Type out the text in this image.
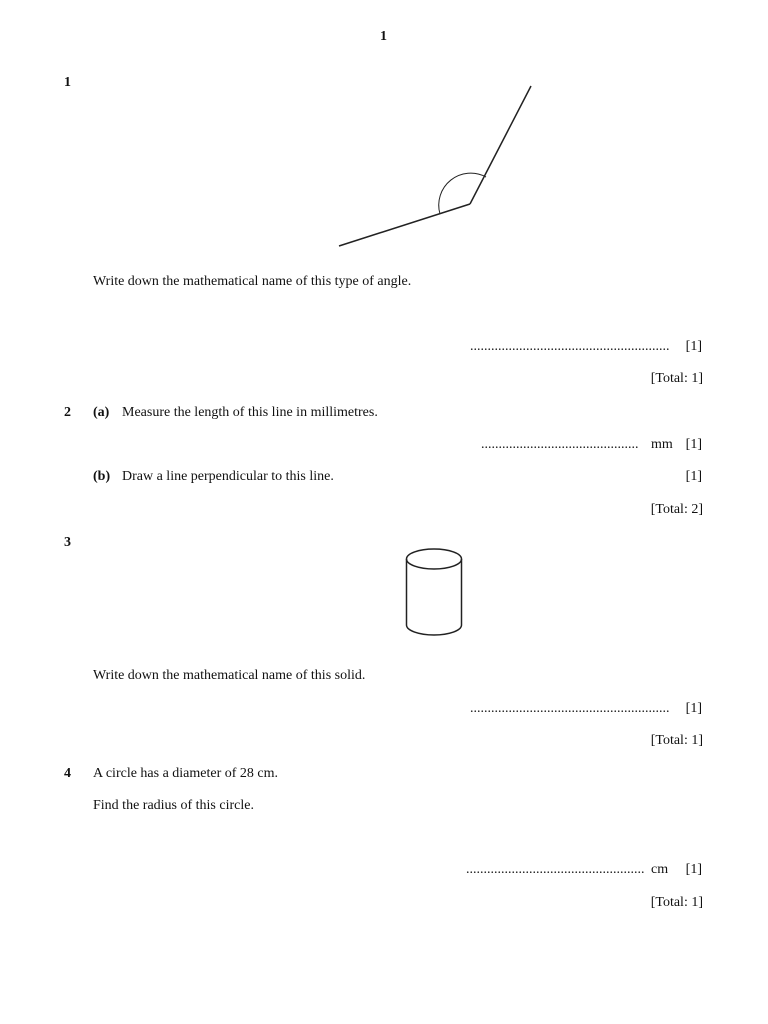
1
1
Write down the mathematical name of this type of angle.
......................................................... [1]
[Total: 1]
2 (a) Measure the length of this line in millimetres.
............................................. mm [1]
(b) Draw a line perpendicular to this line.	[1]
[Total: 2]
3
Write down the mathematical name of this solid.
......................................................... [1]
[Total: 1]
4 A circle has a diameter of 28 cm.
Find the radius of this circle.
................................................... cm [1]
[Total: 1]
